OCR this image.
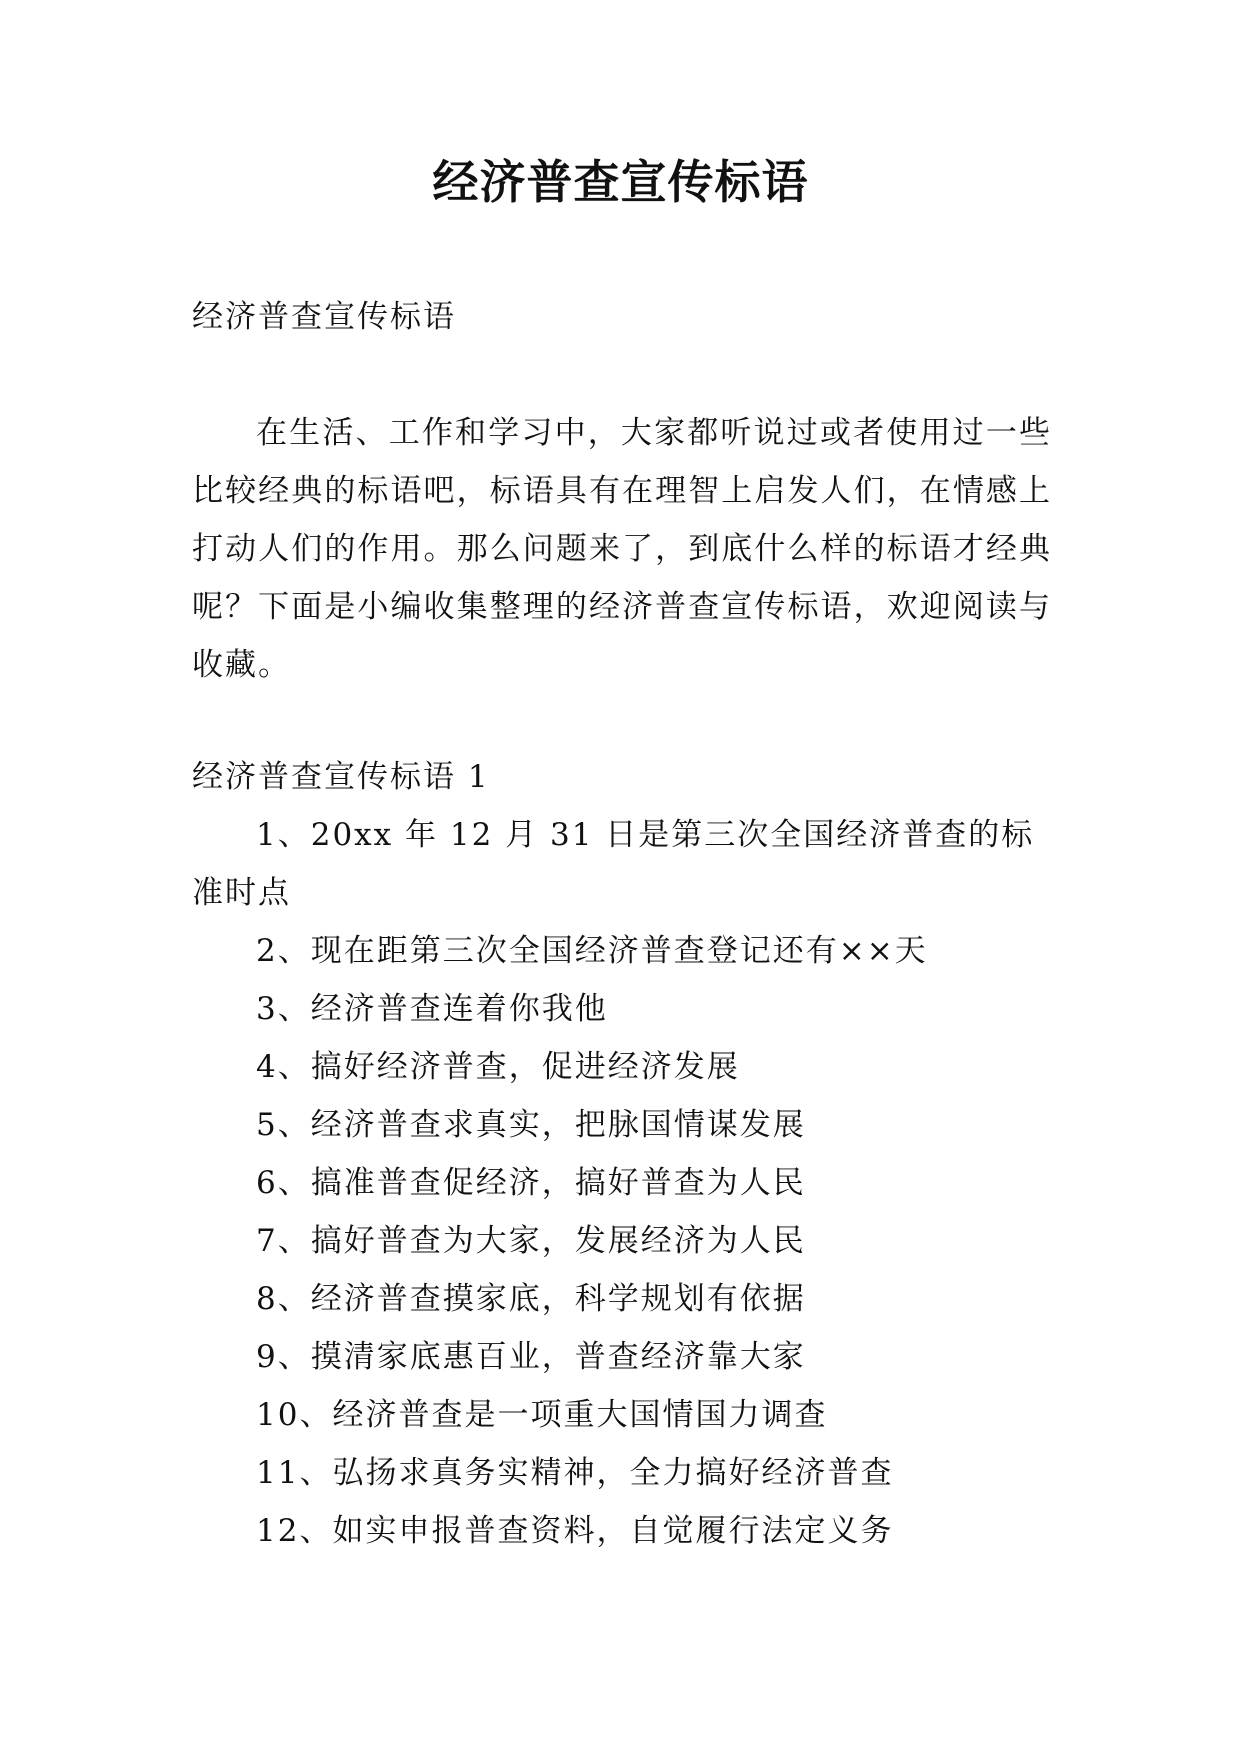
经济普查宣传标语

经济普查宣传标语

在生活、工作和学习中，大家都听说过或者使用过一些比较经典的标语吧，标语具有在理智上启发人们，在情感上打动人们的作用。那么问题来了，到底什么样的标语才经典呢？下面是小编收集整理的经济普查宣传标语，欢迎阅读与收藏。

经济普查宣传标语 1

1、20xx 年 12 月 31 日是第三次全国经济普查的标准时点
2、现在距第三次全国经济普查登记还有××天
3、经济普查连着你我他
4、搞好经济普查，促进经济发展
5、经济普查求真实，把脉国情谋发展
6、搞准普查促经济，搞好普查为人民
7、搞好普查为大家，发展经济为人民
8、经济普查摸家底，科学规划有依据
9、摸清家底惠百业，普查经济靠大家
10、经济普查是一项重大国情国力调查
11、弘扬求真务实精神，全力搞好经济普查
12、如实申报普查资料，自觉履行法定义务
